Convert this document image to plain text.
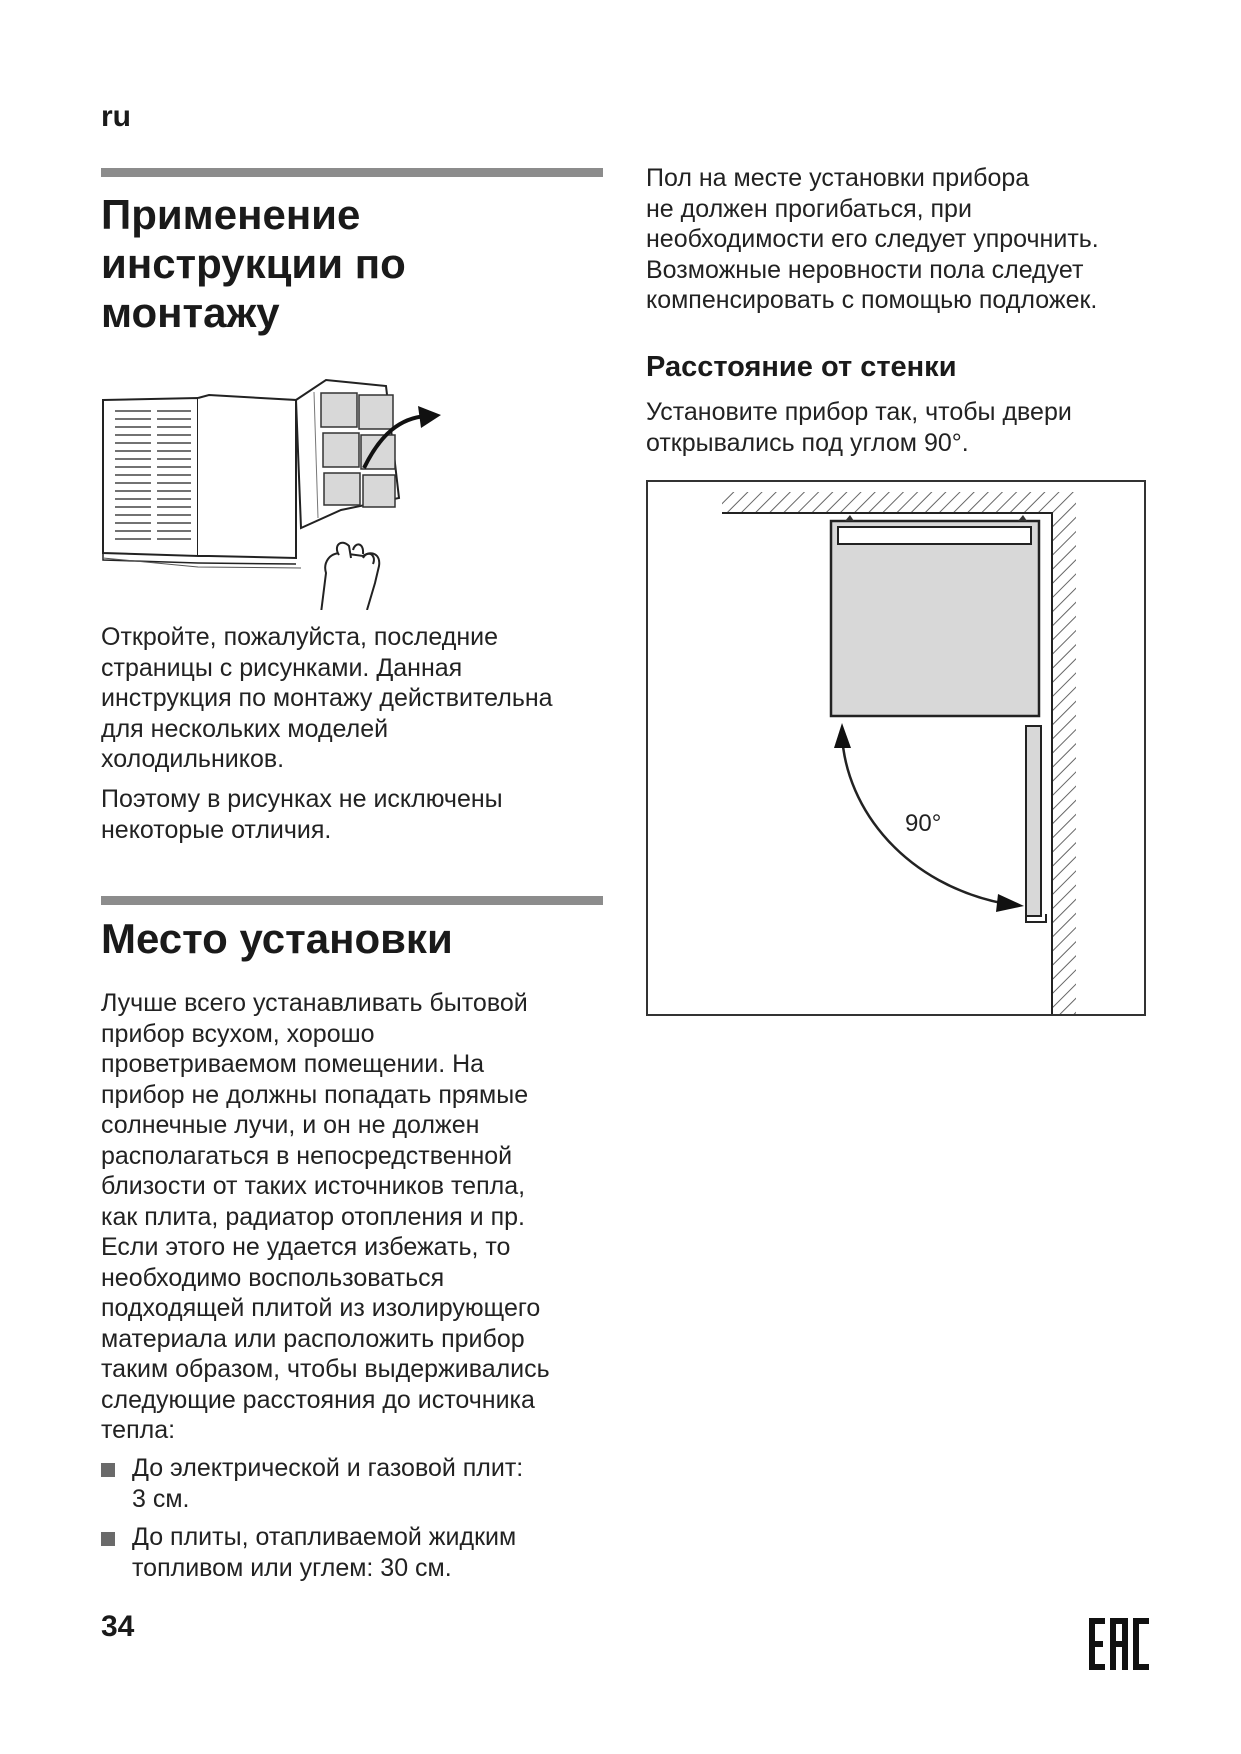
ru
Применение
инструкции по
монтажу

Откройте, пожалуйста, последние
страницы с рисунками. Данная
инструкция по монтажу действительна
для нескольких моделей
холодильников.

Поэтому в рисунках не исключены
некоторые отличия.

Место установки

Лучше всего устанавливать бытовой
прибор всухом, хорошо
проветриваемом помещении. На
прибор не должны попадать прямые
солнечные лучи, и он не должен
располагаться в непосредственной
близости от таких источников тепла,
как плита, радиатор отопления и пр.
Если этого не удается избежать, то
необходимо воспользоваться
подходящей плитой из изолирующего
материала или расположить прибор
таким образом, чтобы выдерживались
следующие расстояния до источника
тепла:

До электрической и газовой плит:
3 см.
До плиты, отапливаемой жидким
топливом или углем: 30 см.

Пол на месте установки прибора
не должен прогибаться, при
необходимости его следует упрочнить.
Возможные неровности пола следует
компенсировать с помощью подложек.

Расстояние от стенки

Установите прибор так, чтобы двери
открывались под углом 90°.

90°
34
